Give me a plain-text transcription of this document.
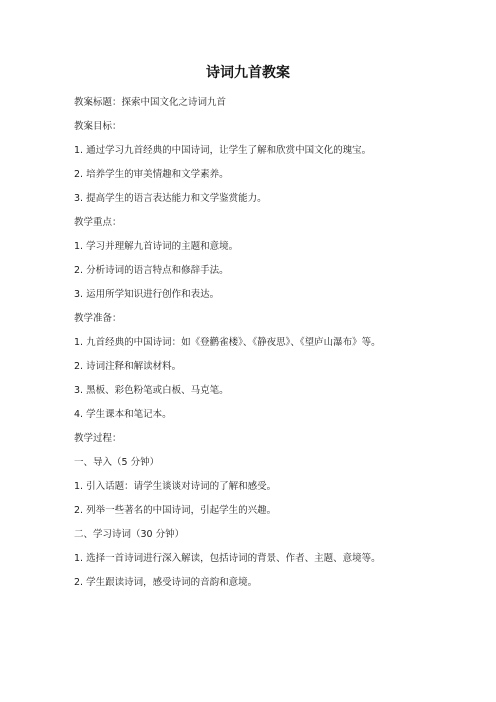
诗词九首教案
教案标题：探索中国文化之诗词九首
教案目标：
1. 通过学习九首经典的中国诗词，让学生了解和欣赏中国文化的瑰宝。
2. 培养学生的审美情趣和文学素养。
3. 提高学生的语言表达能力和文学鉴赏能力。
教学重点：
1. 学习并理解九首诗词的主题和意境。
2. 分析诗词的语言特点和修辞手法。
3. 运用所学知识进行创作和表达。
教学准备：
1. 九首经典的中国诗词：如《登鹳雀楼》、《静夜思》、《望庐山瀑布》等。
2. 诗词注释和解读材料。
3. 黑板、彩色粉笔或白板、马克笔。
4. 学生课本和笔记本。
教学过程：
一、导入（5 分钟）
1. 引入话题：请学生谈谈对诗词的了解和感受。
2. 列举一些著名的中国诗词，引起学生的兴趣。
二、学习诗词（30 分钟）
1. 选择一首诗词进行深入解读，包括诗词的背景、作者、主题、意境等。
2. 学生跟读诗词，感受诗词的音韵和意境。
